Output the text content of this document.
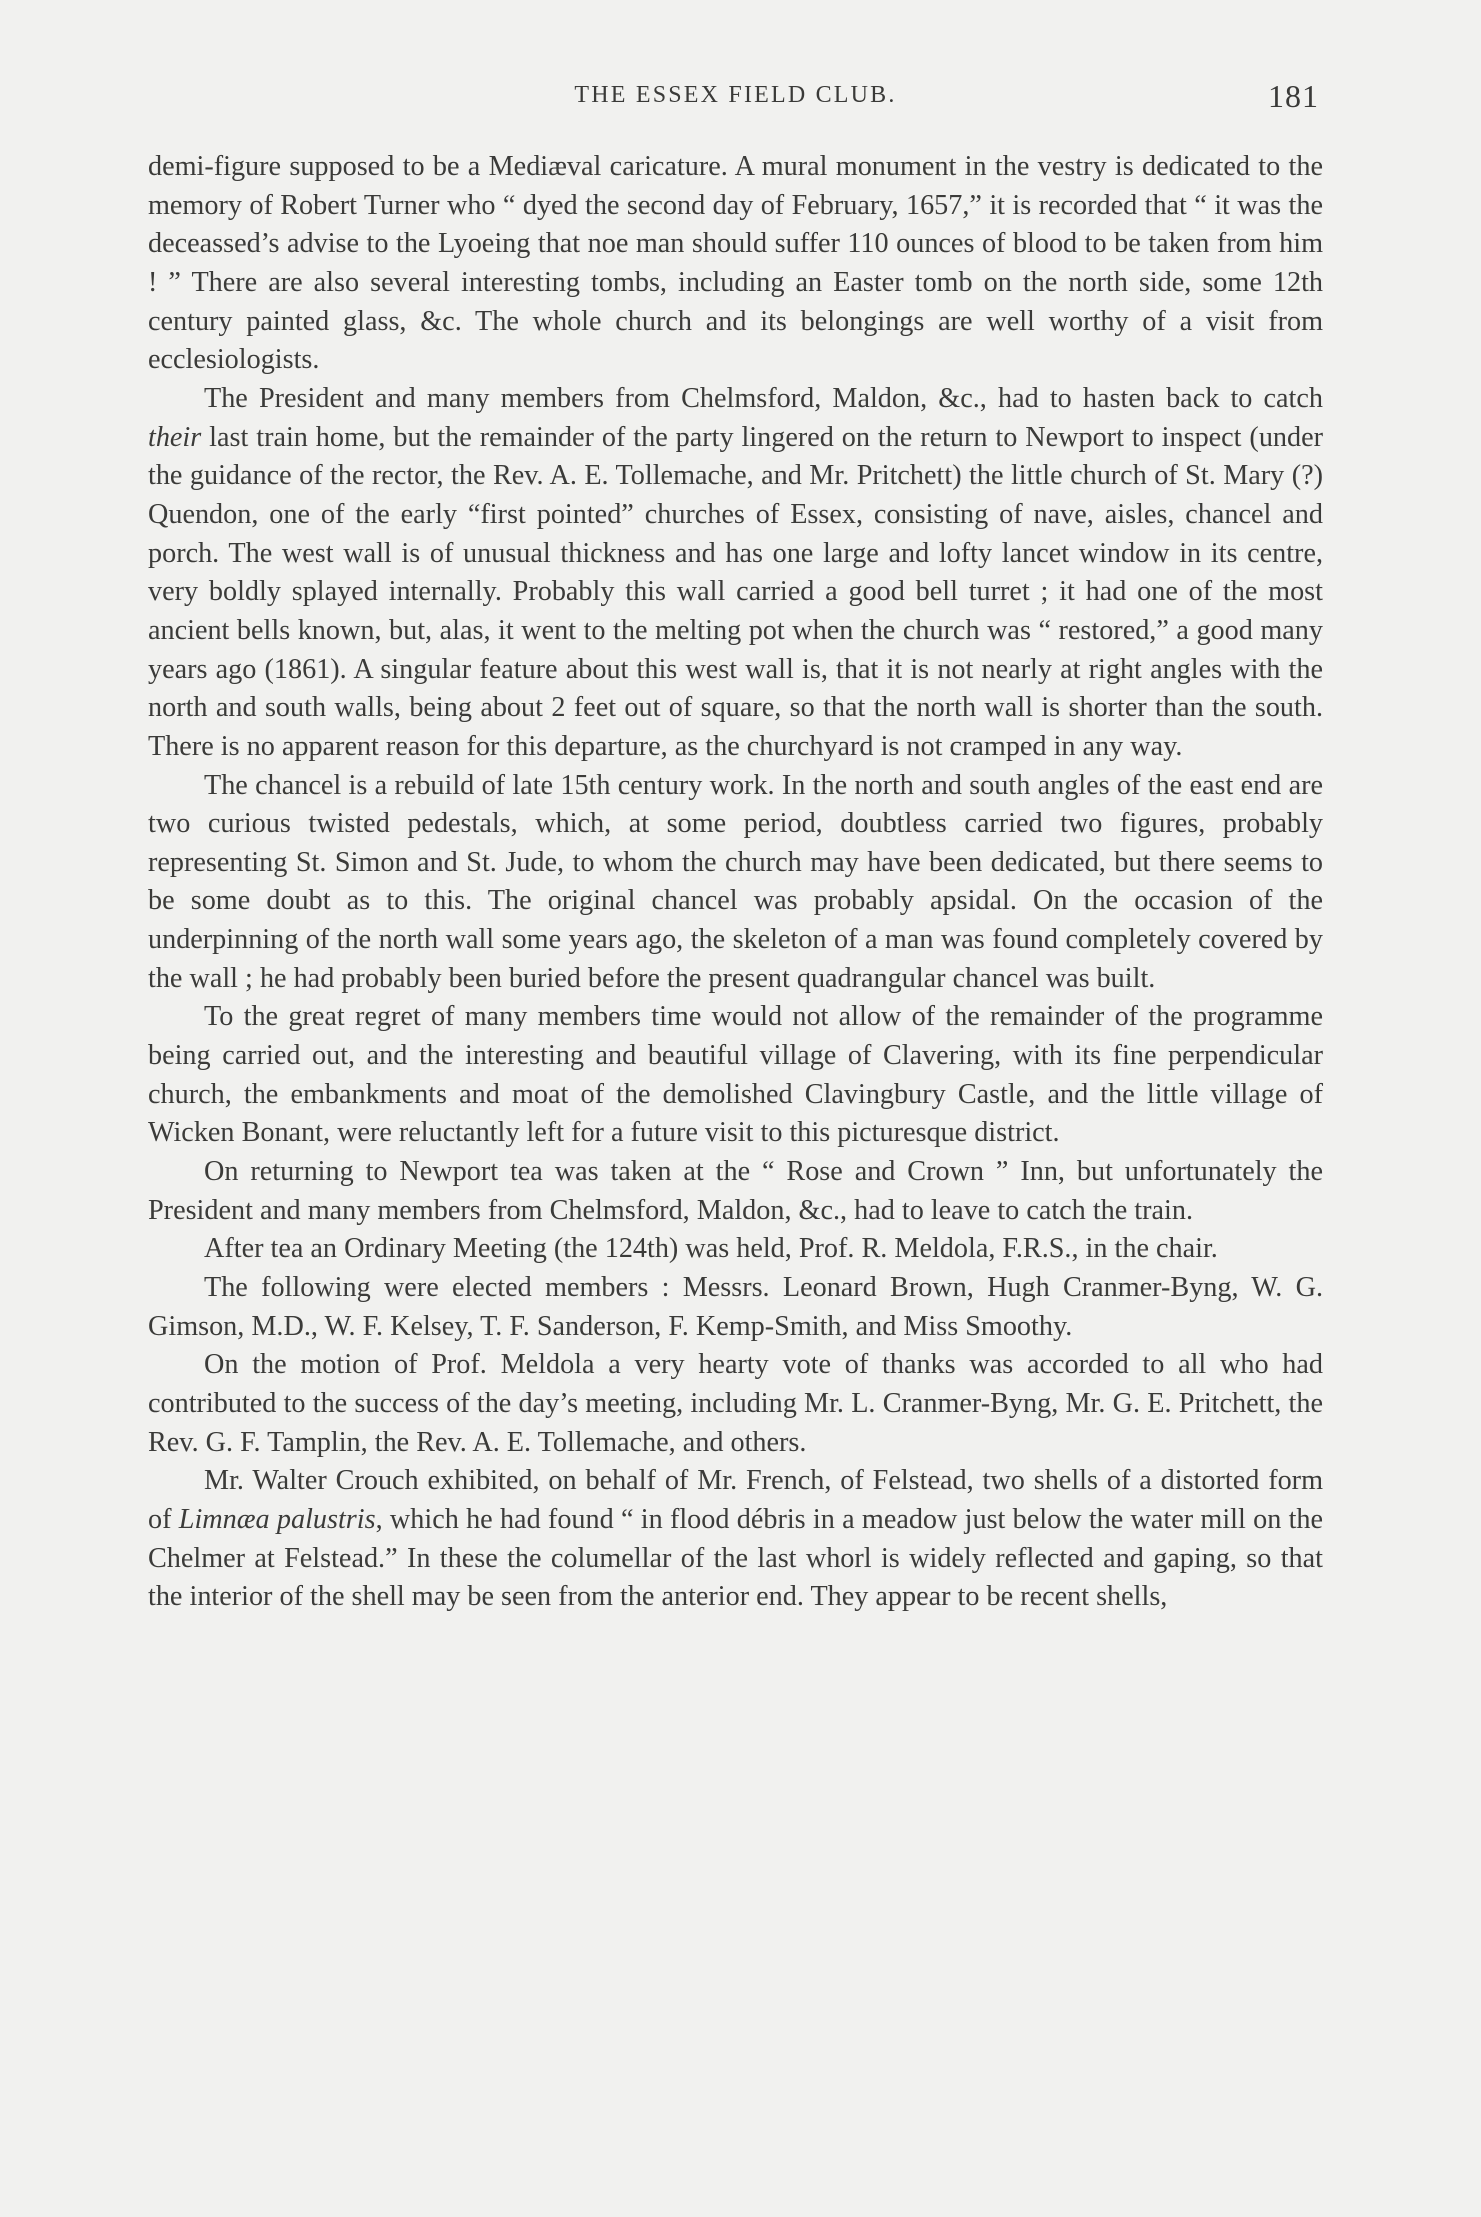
THE ESSEX FIELD CLUB.	181

demi-figure supposed to be a Mediæval caricature. A mural monument in the vestry is dedicated to the memory of Robert Turner who “ dyed the second day of February, 1657,” it is recorded that “ it was the deceassed’s advise to the Lyoeing that noe man should suffer 110 ounces of blood to be taken from him ! ” There are also several interesting tombs, including an Easter tomb on the north side, some 12th century painted glass, &c. The whole church and its belongings are well worthy of a visit from ecclesiologists.

The President and many members from Chelmsford, Maldon, &c., had to hasten back to catch their last train home, but the remainder of the party lingered on the return to Newport to inspect (under the guidance of the rector, the Rev. A. E. Tollemache, and Mr. Pritchett) the little church of St. Mary (?) Quendon, one of the early “first pointed” churches of Essex, consisting of nave, aisles, chancel and porch. The west wall is of unusual thickness and has one large and lofty lancet window in its centre, very boldly splayed internally. Probably this wall carried a good bell turret ; it had one of the most ancient bells known, but, alas, it went to the melting pot when the church was “ restored,” a good many years ago (1861). A singular feature about this west wall is, that it is not nearly at right angles with the north and south walls, being about 2 feet out of square, so that the north wall is shorter than the south. There is no apparent reason for this departure, as the churchyard is not cramped in any way.

The chancel is a rebuild of late 15th century work. In the north and south angles of the east end are two curious twisted pedestals, which, at some period, doubtless carried two figures, probably representing St. Simon and St. Jude, to whom the church may have been dedicated, but there seems to be some doubt as to this. The original chancel was probably apsidal. On the occasion of the underpinning of the north wall some years ago, the skeleton of a man was found completely covered by the wall ; he had probably been buried before the present quadrangular chancel was built.

To the great regret of many members time would not allow of the remainder of the programme being carried out, and the interesting and beautiful village of Clavering, with its fine perpendicular church, the embankments and moat of the demolished Clavingbury Castle, and the little village of Wicken Bonant, were reluctantly left for a future visit to this picturesque district.

On returning to Newport tea was taken at the “ Rose and Crown ” Inn, but unfortunately the President and many members from Chelmsford, Maldon, &c., had to leave to catch the train.

After tea an Ordinary Meeting (the 124th) was held, Prof. R. Meldola, F.R.S., in the chair.

The following were elected members : Messrs. Leonard Brown, Hugh Cranmer-Byng, W. G. Gimson, M.D., W. F. Kelsey, T. F. Sanderson, F. Kemp-Smith, and Miss Smoothy.

On the motion of Prof. Meldola a very hearty vote of thanks was accorded to all who had contributed to the success of the day’s meeting, including Mr. L. Cranmer-Byng, Mr. G. E. Pritchett, the Rev. G. F. Tamplin, the Rev. A. E. Tollemache, and others.

Mr. Walter Crouch exhibited, on behalf of Mr. French, of Felstead, two shells of a distorted form of Limnæa palustris, which he had found “ in flood débris in a meadow just below the water mill on the Chelmer at Felstead.” In these the columellar of the last whorl is widely reflected and gaping, so that the interior of the shell may be seen from the anterior end. They appear to be recent shells,
